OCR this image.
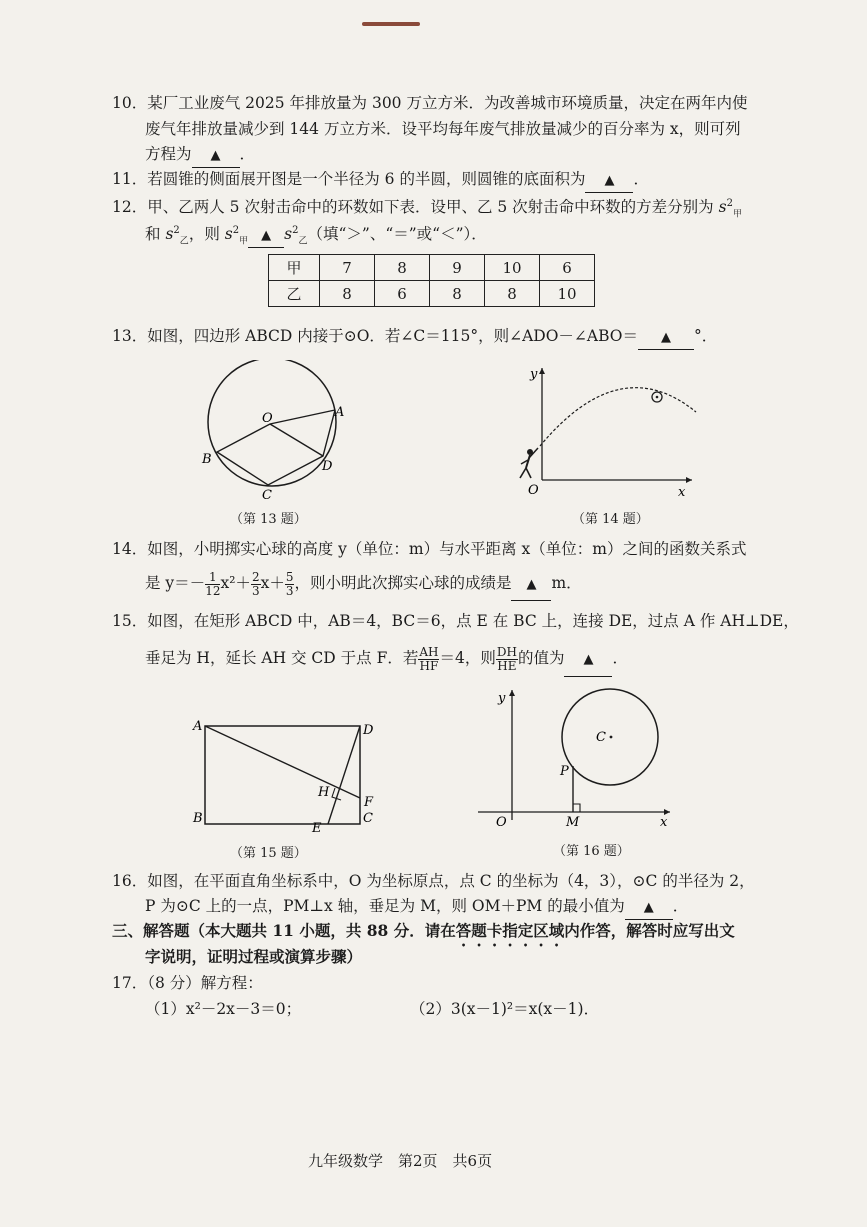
10．某厂工业废气 2025 年排放量为 300 万立方米．为改善城市环境质量，决定在两年内使
废气年排放量减少到 144 万立方米．设平均每年废气排放量减少的百分率为 x，则可列
方程为 ▲ ．
11．若圆锥的侧面展开图是一个半径为 6 的半圆，则圆锥的底面积为 ▲ ．
12．甲、乙两人 5 次射击命中的环数如下表．设甲、乙 5 次射击命中环数的方差分别为 $s^2_甲$
和 $s^2_乙$，则 $s^2_甲$ ▲ $s^2_乙$（填“＞”、“＝”或“＜”）．
甲	7	8	9	10	6
乙	8	6	8	8	10
13．如图，四边形 ABCD 内接于⊙O．若∠C＝115°，则∠ADO－∠ABO＝ ▲ °．
O	A
B
C
D
（第 13 题）
y
x
O
（第 14 题）
14．如图，小明掷实心球的高度 y（单位：m）与水平距离 x（单位：m）之间的函数关系式
是 $y=- \frac{1}{12} x^2+ \frac{2}{3} x+ \frac{5}{3}$ ，则小明此次掷实心球的成绩是 ▲ m．
15．如图，在矩形 ABCD 中，AB＝4，BC＝6，点 E 在 BC 上，连接 DE，过点 A 作 AH⊥DE，
垂足为 H，延长 AH 交 CD 于点 F．若 $\frac{AH}{HF} =4$，则 $\frac{DH}{HE}$ 的值为 ▲ ．
A
B	C
D
E
F
H
（第 15 题）
y
x
O	M
P
C
（第 16 题）
16．如图，在平面直角坐标系中，O 为坐标原点，点 C 的坐标为（4，3），⊙C 的半径为 2，
P 为⊙C 上的一点，PM⊥x 轴，垂足为 M，则 OM＋PM 的最小值为 ▲ ．
三、解答题（本大题共 11 小题，共 88 分．请在答题卡指定区域内作答，解答时应写出文
字说明，证明过程或演算步骤）
17．（8 分）解方程：
（1）x²－2x－3＝0；	（2）3(x－1)²＝x(x－1)．
九年级数学　第2页　共6页
